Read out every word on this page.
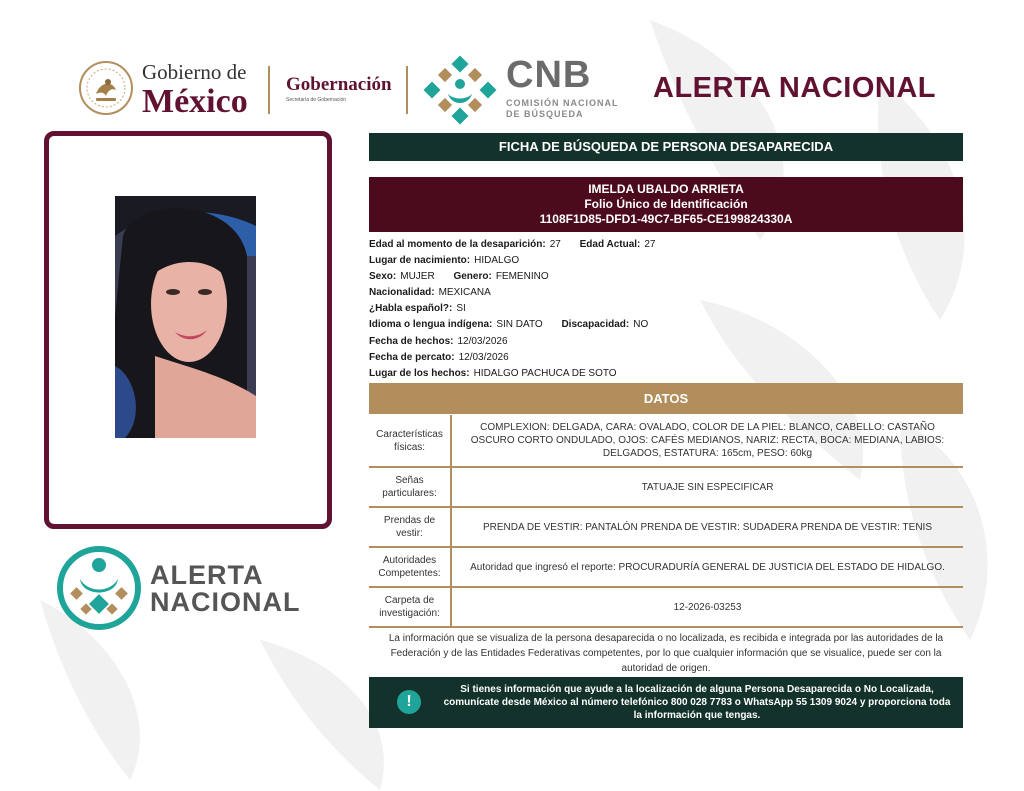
Gobierno de
México Gobernación
Secretaría de Gobernación
CNB
COMISIÓN NACIONAL
DE BÚSQUEDA
ALERTA NACIONAL
ALERTA
NACIONAL
FICHA DE BÚSQUEDA DE PERSONA DESAPARECIDA
IMELDA UBALDO ARRIETA
Folio Único de Identificación
1108F1D85-DFD1-49C7-BF65-CE199824330A
Edad al momento de la desaparición: 27 Edad Actual: 27
Lugar de nacimiento: HIDALGO
Sexo: MUJER Genero: FEMENINO
Nacionalidad: MEXICANA
¿Habla español?: SI
Idioma o lengua indígena: SIN DATO Discapacidad: NO
Fecha de hechos: 12/03/2026
Fecha de percato: 12/03/2026
Lugar de los hechos: HIDALGO PACHUCA DE SOTO
DATOS
Características físicas:	COMPLEXION: DELGADA, CARA: OVALADO, COLOR DE LA PIEL: BLANCO, CABELLO: CASTAÑO OSCURO CORTO ONDULADO, OJOS: CAFÉS MEDIANOS, NARIZ: RECTA, BOCA: MEDIANA, LABIOS: DELGADOS, ESTATURA: 165cm, PESO: 60kg
Señas particulares:	TATUAJE SIN ESPECIFICAR
Prendas de vestir:	PRENDA DE VESTIR: PANTALÓN PRENDA DE VESTIR: SUDADERA PRENDA DE VESTIR: TENIS
Autoridades Competentes:	Autoridad que ingresó el reporte: PROCURADURÍA GENERAL DE JUSTICIA DEL ESTADO DE HIDALGO.
Carpeta de investigación:	12-2026-03253
La información que se visualiza de la persona desaparecida o no localizada, es recibida e integrada por las autoridades de la Federación y de las Entidades Federativas competentes, por lo que cualquier información que se visualice, puede ser con la autoridad de origen.
!
Si tienes información que ayude a la localización de alguna Persona Desaparecida o No Localizada, comunícate desde México al número telefónico 800 028 7783 o WhatsApp 55 1309 9024 y proporciona toda la información que tengas.
